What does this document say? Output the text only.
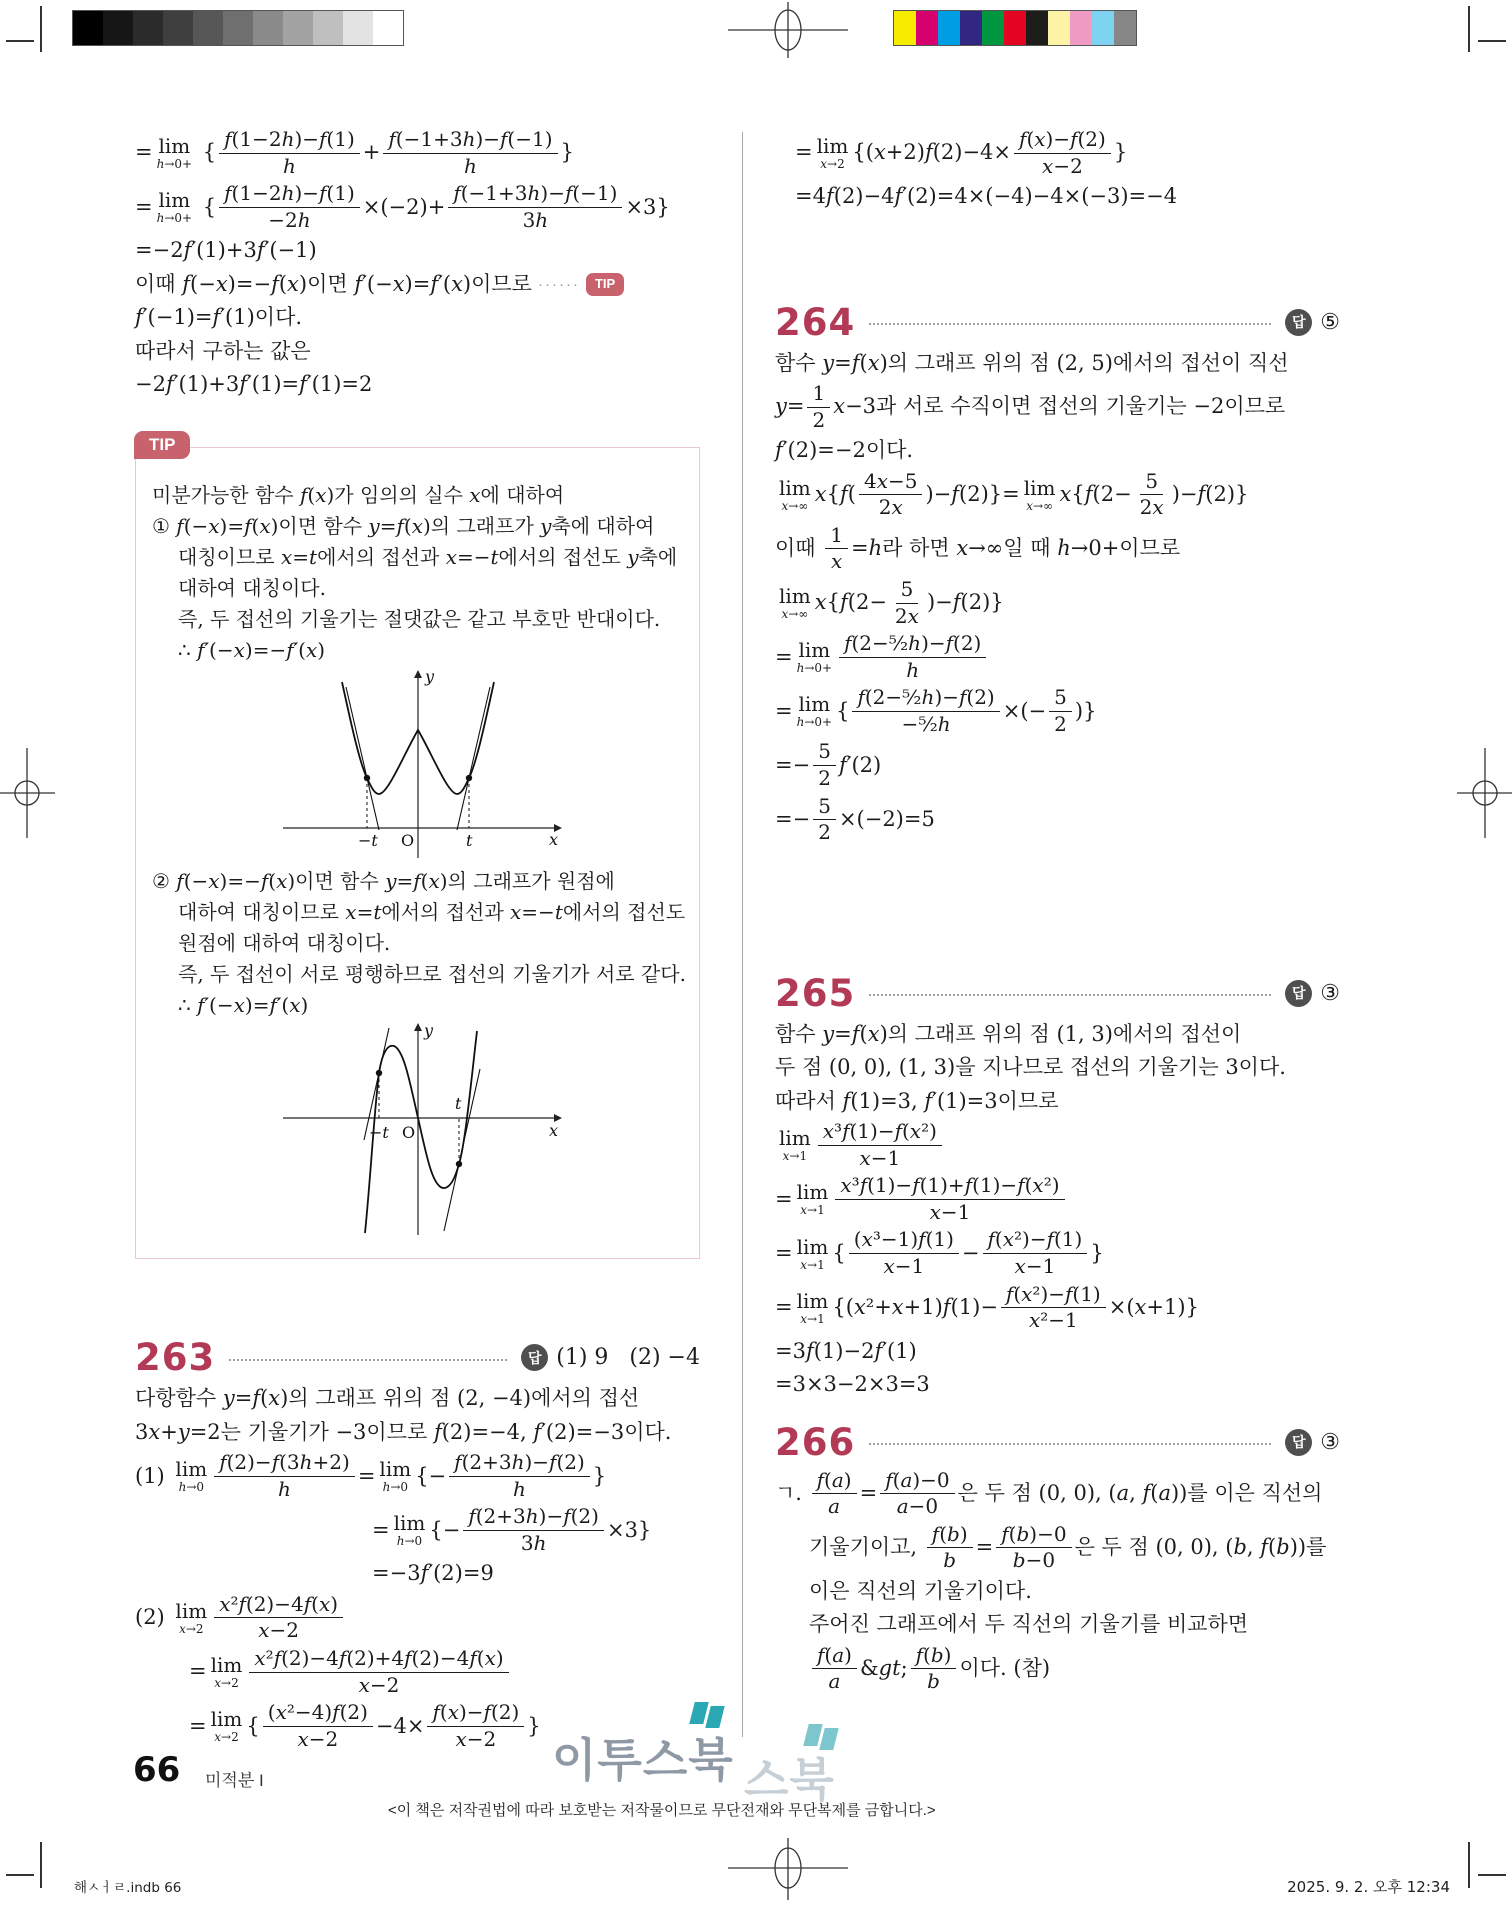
= lim
h→0+ { $\frac{f(1-2h)-f(1)}{h} + \frac{f(-1+3h)-f(-1)}{h}$ }
= lim
h→0+ { $\frac{f(1-2h)-f(1)}{-2h} \times(-2)+ \frac{f(-1+3h)-f(-1)}{3h} \times 3$}
=−2f′(1)+3f′(−1)
이때 f(−x)=−f(x)이면 f′(−x)=f′(x)이므로 ······	TIP
f′(−1)=f′(1)이다.
따라서 구하는 값은
−2f′(1)+3f′(1)=f′(1)=2
TIP
미분가능한 함수 f(x)가 임의의 실수 x에 대하여
① f(−x)=f(x)이면 함수 y=f(x)의 그래프가 y축에 대하여
대칭이므로 x=t에서의 접선과 x=−t에서의 접선도 y축에
대하여 대칭이다.
즉, 두 접선의 기울기는 절댓값은 같고 부호만 반대이다.
∴ f′(−x)=−f′(x)
y
x
O
−t	t
② f(−x)=−f(x)이면 함수 y=f(x)의 그래프가 원점에
대하여 대칭이므로 x=t에서의 접선과 x=−t에서의 접선도
원점에 대하여 대칭이다.
즉, 두 접선이 서로 평행하므로 접선의 기울기가 서로 같다.
∴ f′(−x)=f′(x)
y
x
O
−t
t
263	답 (1) 9   (2) −4
다항함수 y=f(x)의 그래프 위의 점 (2, −4)에서의 접선
3x+y=2는 기울기가 −3이므로 f(2)=−4, f′(2)=−3이다.
(1) lim
$h\to 0 \frac{f(2)-f(3h+2)}{h} = \lim$
h→0 {− $\frac{f(2+3h)-f(2)}{h}$ }
= lim
h→0 {− $\frac{f(2+3h)-f(2)}{3h} \times 3$}
=−3f′(2)=9
(2) lim
$x\to 2 \frac{\text{x²f(2)−4f(x)}}{x-2}$
= lim
$x\to 2 \frac{\text{x²f(2)−4f(2)+4f(2)−4f(x)}}{x-2}$
= lim
x→2 { $\frac{\text{(x²−4)f(2)}}{x-2} -4\times \frac{f(x)-f(2)}{x-2}$ }
= lim
x→2 {$(x+2)f(2)-4\times \frac{f(x)-f(2)}{x-2}$ }
=4f(2)−4f′(2)=4×(−4)−4×(−3)=−4
264	답 ⑤
함수 y=f(x)의 그래프 위의 점 (2, 5)에서의 접선이 직선
$y= \frac{1}{2} x-3$과 서로 수직이면 접선의 기울기는 −2이므로
f′(2)=−2이다.
lim
x→∞ $x\{f( \frac{4x-5}{2x} )-f(2)\}= \lim$
x→∞ $x\{f(2- \frac{5}{2x} )-f(2)\}$
이때 $\frac{1}{x} =h$라 하면 x→∞일 때 h→0+이므로
lim
x→∞ $x\{f(2- \frac{5}{2x} )-f(2)\}$
= lim
$h\to 0+ \frac{\text{f(2−⁵⁄₂h)−f(2)}}{h}$
= lim
h→0+ { $\frac{\text{f(2−⁵⁄₂h)−f(2)}}{\text{−⁵⁄₂h}}$ ×(− $\frac{5}{2}$ )}
=− $\frac{5}{2} f'(2)$
=− $\frac{5}{2} \times(-2)=5$
265	답 ③
함수 y=f(x)의 그래프 위의 점 (1, 3)에서의 접선이
두 점 (0, 0), (1, 3)을 지나므로 접선의 기울기는 3이다.
따라서 f(1)=3, f′(1)=3이므로
lim
$x\to 1 \frac{\text{x³f(1)−f(x²)}}{x-1}$
= lim
$x\to 1 \frac{\text{x³f(1)−f(1)+f(1)−f(x²)}}{x-1}$
= lim
x→1 { $\frac{\text{(x³−1)f(1)}}{x-1} - \frac{\text{f(x²)−f(1)}}{x-1}$ }
= lim
x→1 $\{(x^2+x+1)f(1)- \frac{\text{f(x²)−f(1)}}{\text{x²−1}} \times(x+1)\}$
=3f(1)−2f′(1)
=3×3−2×3=3
266	답 ③
ㄱ. $\frac{f(a)}{a} = \frac{f(a)-0}{a-0}$ 은 두 점 (0, 0), (a, f(a))를 이은 직선의
기울기이고, $\frac{f(b)}{b} = \frac{f(b)-0}{b-0}$ 은 두 점 (0, 0), (b, f(b))를
이은 직선의 기울기이다.
주어진 그래프에서 두 직선의 기울기를 비교하면
$\frac{f(a)}{a}$ &gt; $\frac{f(b)}{b}$ 이다. (참)
66 미적분 I
<이 책은 저작권법에 따라 보호받는 저작물이므로 무단전재와 무단복제를 금합니다.>
이투스북 스북
해ㅅㅓㄹ.indb 66	2025. 9. 2. 오후 12:34
